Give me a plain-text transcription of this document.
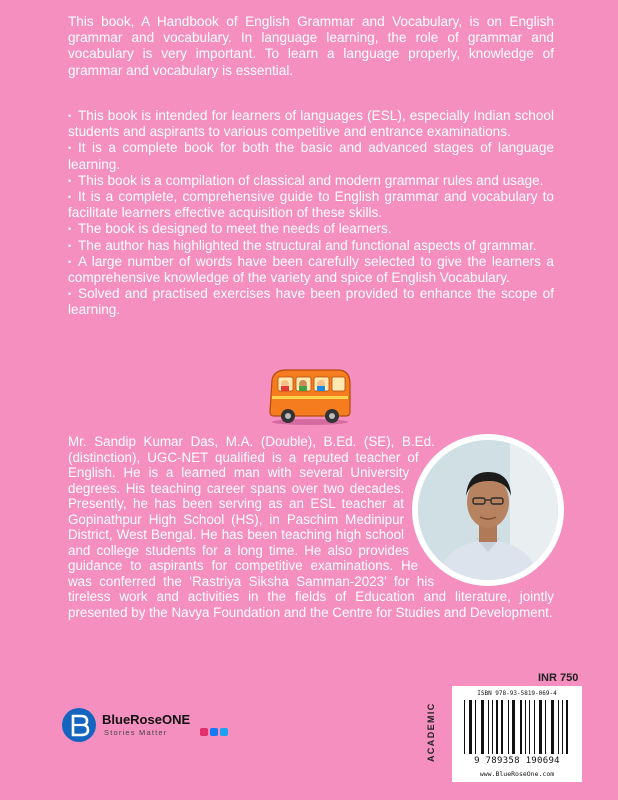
This book, A Handbook of English Grammar and Vocabulary, is on English grammar and vocabulary. In language learning, the role of grammar and vocabulary is very important. To learn a language properly, knowledge of grammar and vocabulary is essential.

• This book is intended for learners of languages (ESL), especially Indian school students and aspirants to various competitive and entrance examinations.
• It is a complete book for both the basic and advanced stages of language learning.
• This book is a compilation of classical and modern grammar rules and usage.
• It is a complete, comprehensive guide to English grammar and vocabulary to facilitate learners effective acquisition of these skills.
• The book is designed to meet the needs of learners.
• The author has highlighted the structural and functional aspects of grammar.
• A large number of words have been carefully selected to give the learners a comprehensive knowledge of the variety and spice of English Vocabulary.
• Solved and practised exercises have been provided to enhance the scope of learning.

Mr. Sandip Kumar Das, M.A. (Double), B.Ed. (SE), B.Ed. (distinction), UGC-NET qualified is a reputed teacher of English. He is a learned man with several University degrees. His teaching career spans over two decades. Presently, he has been serving as an ESL teacher at Gopinathpur High School (HS), in Paschim Medinipur District, West Bengal. He has been teaching high school and college students for a long time. He also provides guidance to aspirants for competitive examinations. He was conferred the ‘Rastriya Siksha Samman-2023’ for his tireless work and activities in the fields of Education and literature, jointly presented by the Navya Foundation and the Centre for Studies and Development.

INR 750
ACADEMIC
ISBN 978-93-5819-069-4
9 789358 190694
www.BlueRoseOne.com
BlueRoseONE
Stories Matter
